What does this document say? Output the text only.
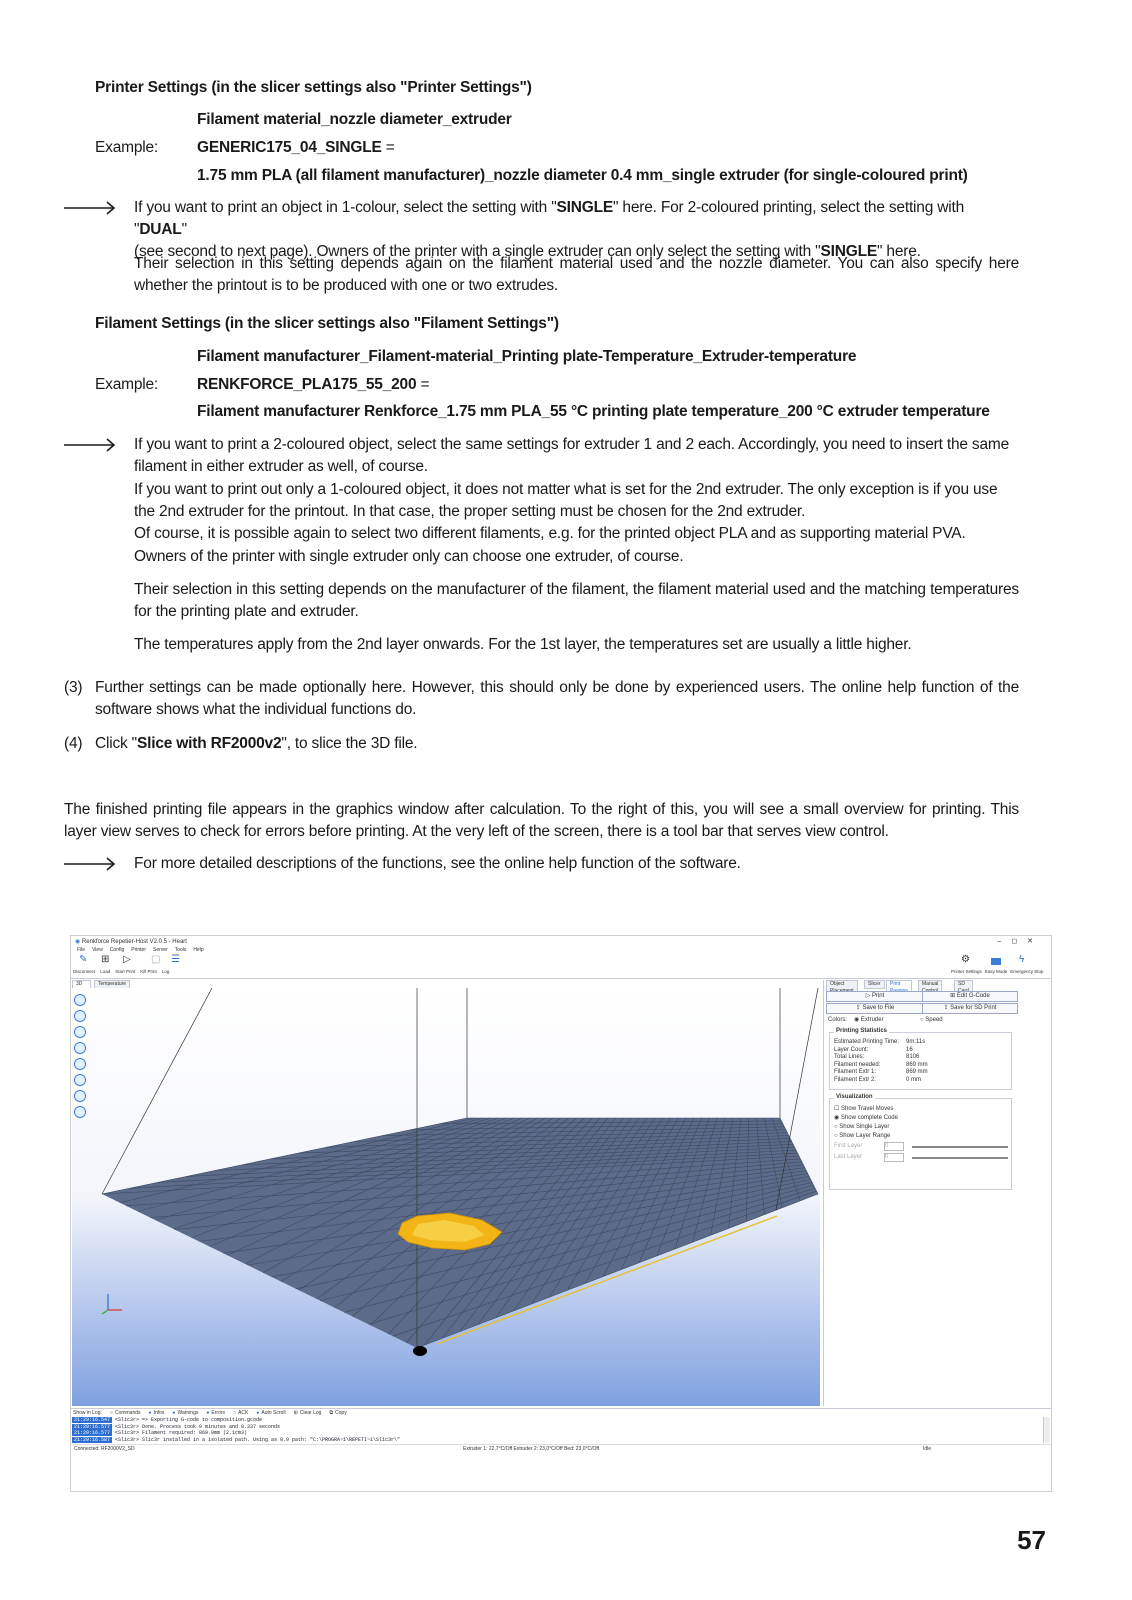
Printer Settings (in the slicer settings also "Printer Settings")
Filament material_nozzle diameter_extruder
Example:	GENERIC175_04_SINGLE =
1.75 mm PLA (all filament manufacturer)_nozzle diameter 0.4 mm_single extruder (for single-coloured print)
If you want to print an object in 1-colour, select the setting with "SINGLE" here. For 2-coloured printing, select the setting with "DUAL"
(see second to next page). Owners of the printer with a single extruder can only select the setting with "SINGLE" here.
Their selection in this setting depends again on the filament material used and the nozzle diameter. You can also specify here whether the printout is to be produced with one or two extrudes.
Filament Settings (in the slicer settings also "Filament Settings")
Filament manufacturer_Filament-material_Printing plate-Temperature_Extruder-temperature
Example:	RENKFORCE_PLA175_55_200 =
Filament manufacturer Renkforce_1.75 mm PLA_55 °C printing plate temperature_200 °C extruder temperature
If you want to print a 2-coloured object, select the same settings for extruder 1 and 2 each. Accordingly, you need to insert the same
filament in either extruder as well, of course.
If you want to print out only a 1-coloured object, it does not matter what is set for the 2nd extruder. The only exception is if you use
the 2nd extruder for the printout. In that case, the proper setting must be chosen for the 2nd extruder.
Of course, it is possible again to select two different filaments, e.g. for the printed object PLA and as supporting material PVA.
Owners of the printer with single extruder only can choose one extruder, of course.
Their selection in this setting depends on the manufacturer of the filament, the filament material used and the matching temperatures for the printing plate and extruder.
The temperatures apply from the 2nd layer onwards. For the 1st layer, the temperatures set are usually a little higher.
(3) Further settings can be made optionally here. However, this should only be done by experienced users. The online help function of the software shows what the individual functions do.
(4) Click "Slice with RF2000v2", to slice the 3D file.
The finished printing file appears in the graphics window after calculation. To the right of this, you will see a small overview for printing. This layer view serves to check for errors before printing. At the very left of the screen, there is a tool bar that serves view control.
For more detailed descriptions of the functions, see the online help function of the software.
◉ Renkforce Repetier-Host V2.0.5 - Heart	–◻✕
File View Config Printer Server Tools Help
✎ ⊞ ▷ ▢ ☰
Disconnect Load Start Print Kill Print Log
⚙	ϟ
Printer Settings Easy Mode Emergency Stop
3D	Temperature	Object	Slicer	Print	Manual	SD
▷ Print	⊞ Edit G-Code
⇪ Save to File	⇪ Save for SD Print
Colors: ◉ Extruder	○ Speed
Printing Statistics
Estimated Printing Time: 9m:11s
Layer Count:	16
Total Lines:	8106
Filament needed:	869 mm
Filament Extr 1:	869 mm
Filament Extr 2:	0 mm
Visualization
☐ Show Travel Moves
◉ Show complete Code
○ Show Single Layer
○ Show Layer Range
First Layer	0
Last Layer	0
Show in Log: ○ Commands ● Infos ● Warnings ● Errors ○ ACK ● Auto Scroll ⊞ Clear Log ⧉ Copy
21:29:16.547 <Slic3r> => Exporting G-code to composition.gcode
21:29:16.577 <Slic3r> Done. Process took 0 minutes and 0.337 seconds
21:29:16.577 <Slic3r> Filament required: 869.9mm (2.1cm3)
21:29:16.587 <Slic3r> Slic3r installed in a isolated path. Using as 0.9 path: "C:\PROGRA~1\REPETI~1\Slic3r\"
Connected: RF2000V2_SD	Extruder 1: 22,7°C/Off Extruder 2: 23,0°C/Off Bed: 23,0°C/Off	Idle
57
